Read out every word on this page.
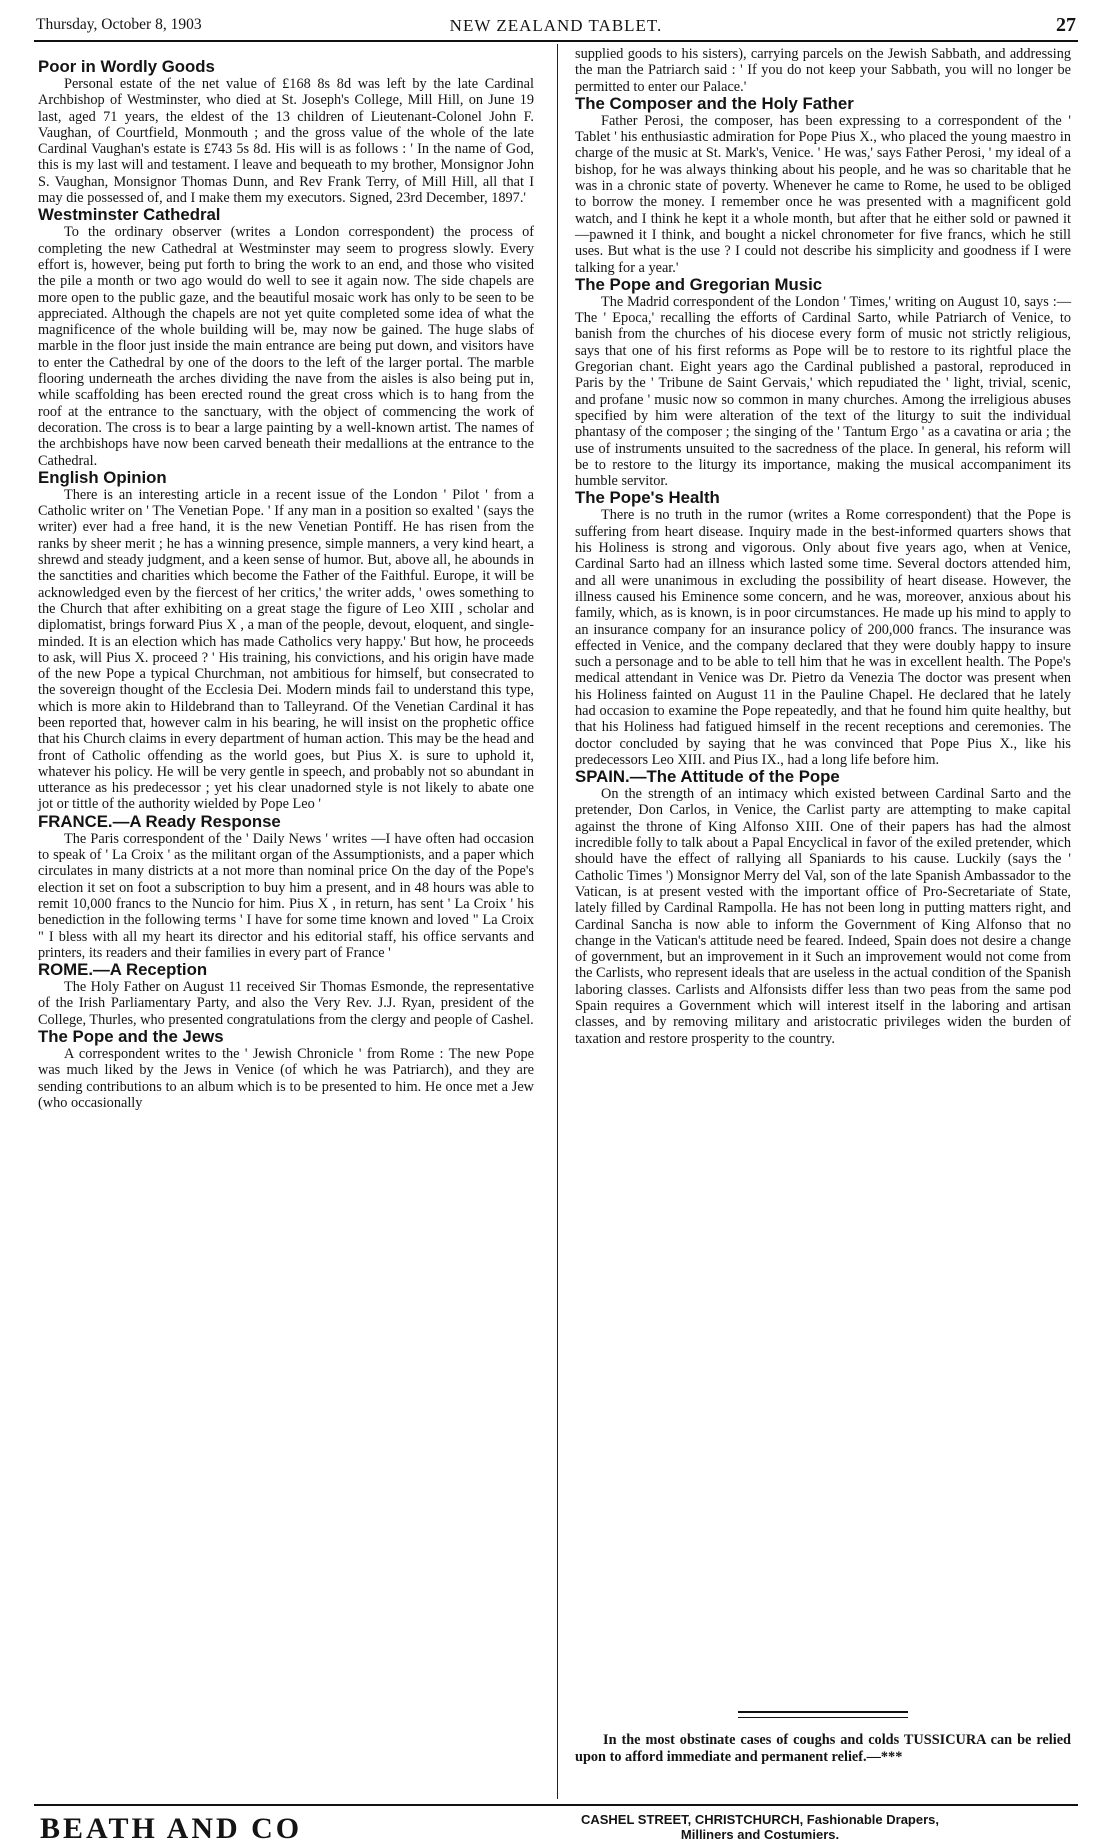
Thursday, October 8, 1903	NEW ZEALAND TABLET.	27
Poor in Wordly Goods

Personal estate of the net value of £168 8s 8d was left by the late Cardinal Archbishop of Westminster, who died at St. Joseph's College, Mill Hill, on June 19 last, aged 71 years, the eldest of the 13 children of Lieutenant-Colonel John F. Vaughan, of Courtfield, Monmouth ; and the gross value of the whole of the late Cardinal Vaughan's estate is £743 5s 8d. His will is as follows : ' In the name of God, this is my last will and testament. I leave and bequeath to my brother, Monsignor John S. Vaughan, Monsignor Thomas Dunn, and Rev Frank Terry, of Mill Hill, all that I may die possessed of, and I make them my executors. Signed, 23rd December, 1897.'

Westminster Cathedral

To the ordinary observer (writes a London correspondent) the process of completing the new Cathedral at Westminster may seem to progress slowly. Every effort is, however, being put forth to bring the work to an end, and those who visited the pile a month or two ago would do well to see it again now. The side chapels are more open to the public gaze, and the beautiful mosaic work has only to be seen to be appreciated. Although the chapels are not yet quite completed some idea of what the magnificence of the whole building will be, may now be gained. The huge slabs of marble in the floor just inside the main entrance are being put down, and visitors have to enter the Cathedral by one of the doors to the left of the larger portal. The marble flooring underneath the arches dividing the nave from the aisles is also being put in, while scaffolding has been erected round the great cross which is to hang from the roof at the entrance to the sanctuary, with the object of commencing the work of decoration. The cross is to bear a large painting by a well-known artist. The names of the archbishops have now been carved beneath their medallions at the entrance to the Cathedral.

English Opinion

There is an interesting article in a recent issue of the London ' Pilot ' from a Catholic writer on ' The Venetian Pope. ' If any man in a position so exalted ' (says the writer) ever had a free hand, it is the new Venetian Pontiff. He has risen from the ranks by sheer merit ; he has a winning presence, simple manners, a very kind heart, a shrewd and steady judgment, and a keen sense of humor. But, above all, he abounds in the sanctities and charities which become the Father of the Faithful. Europe, it will be acknowledged even by the fiercest of her critics,' the writer adds, ' owes something to the Church that after exhibiting on a great stage the figure of Leo XIII , scholar and diplomatist, brings forward Pius X , a man of the people, devout, eloquent, and single-minded. It is an election which has made Catholics very happy.' But how, he proceeds to ask, will Pius X. proceed ? ' His training, his convictions, and his origin have made of the new Pope a typical Churchman, not ambitious for himself, but consecrated to the sovereign thought of the Ecclesia Dei. Modern minds fail to understand this type, which is more akin to Hildebrand than to Talleyrand. Of the Venetian Cardinal it has been reported that, however calm in his bearing, he will insist on the prophetic office that his Church claims in every department of human action. This may be the head and front of Catholic offending as the world goes, but Pius X. is sure to uphold it, whatever his policy. He will be very gentle in speech, and probably not so abundant in utterance as his predecessor ; yet his clear unadorned style is not likely to abate one jot or tittle of the authority wielded by Pope Leo '

FRANCE.—A Ready Response

The Paris correspondent of the ' Daily News ' writes —I have often had occasion to speak of ' La Croix ' as the militant organ of the Assumptionists, and a paper which circulates in many districts at a not more than nominal price On the day of the Pope's election it set on foot a subscription to buy him a present, and in 48 hours was able to remit 10,000 francs to the Nuncio for him. Pius X , in return, has sent ' La Croix ' his benediction in the following terms ' I have for some time known and loved " La Croix " I bless with all my heart its director and his editorial staff, his office servants and printers, its readers and their families in every part of France '

ROME.—A Reception

The Holy Father on August 11 received Sir Thomas Esmonde, the representative of the Irish Parliamentary Party, and also the Very Rev. J.J. Ryan, president of the College, Thurles, who presented congratulations from the clergy and people of Cashel.

The Pope and the Jews

A correspondent writes to the ' Jewish Chronicle ' from Rome : The new Pope was much liked by the Jews in Venice (of which he was Patriarch), and they are sending contributions to an album which is to be presented to him. He once met a Jew (who occasionally

supplied goods to his sisters), carrying parcels on the Jewish Sabbath, and addressing the man the Patriarch said : ' If you do not keep your Sabbath, you will no longer be permitted to enter our Palace.'

The Composer and the Holy Father

Father Perosi, the composer, has been expressing to a correspondent of the ' Tablet ' his enthusiastic admiration for Pope Pius X., who placed the young maestro in charge of the music at St. Mark's, Venice. ' He was,' says Father Perosi, ' my ideal of a bishop, for he was always thinking about his people, and he was so charitable that he was in a chronic state of poverty. Whenever he came to Rome, he used to be obliged to borrow the money. I remember once he was presented with a magnificent gold watch, and I think he kept it a whole month, but after that he either sold or pawned it—pawned it I think, and bought a nickel chronometer for five francs, which he still uses. But what is the use ? I could not describe his simplicity and goodness if I were talking for a year.'

The Pope and Gregorian Music

The Madrid correspondent of the London ' Times,' writing on August 10, says :—The ' Epoca,' recalling the efforts of Cardinal Sarto, while Patriarch of Venice, to banish from the churches of his diocese every form of music not strictly religious, says that one of his first reforms as Pope will be to restore to its rightful place the Gregorian chant. Eight years ago the Cardinal published a pastoral, reproduced in Paris by the ' Tribune de Saint Gervais,' which repudiated the ' light, trivial, scenic, and profane ' music now so common in many churches. Among the irreligious abuses specified by him were alteration of the text of the liturgy to suit the individual phantasy of the composer ; the singing of the ' Tantum Ergo ' as a cavatina or aria ; the use of instruments unsuited to the sacredness of the place. In general, his reform will be to restore to the liturgy its importance, making the musical accompaniment its humble servitor.

The Pope's Health

There is no truth in the rumor (writes a Rome correspondent) that the Pope is suffering from heart disease. Inquiry made in the best-informed quarters shows that his Holiness is strong and vigorous. Only about five years ago, when at Venice, Cardinal Sarto had an illness which lasted some time. Several doctors attended him, and all were unanimous in excluding the possibility of heart disease. However, the illness caused his Eminence some concern, and he was, moreover, anxious about his family, which, as is known, is in poor circumstances. He made up his mind to apply to an insurance company for an insurance policy of 200,000 francs. The insurance was effected in Venice, and the company declared that they were doubly happy to insure such a personage and to be able to tell him that he was in excellent health. The Pope's medical attendant in Venice was Dr. Pietro da Venezia The doctor was present when his Holiness fainted on August 11 in the Pauline Chapel. He declared that he lately had occasion to examine the Pope repeatedly, and that he found him quite healthy, but that his Holiness had fatigued himself in the recent receptions and ceremonies. The doctor concluded by saying that he was convinced that Pope Pius X., like his predecessors Leo XIII. and Pius IX., had a long life before him.

SPAIN.—The Attitude of the Pope

On the strength of an intimacy which existed between Cardinal Sarto and the pretender, Don Carlos, in Venice, the Carlist party are attempting to make capital against the throne of King Alfonso XIII. One of their papers has had the almost incredible folly to talk about a Papal Encyclical in favor of the exiled pretender, which should have the effect of rallying all Spaniards to his cause. Luckily (says the ' Catholic Times ') Monsignor Merry del Val, son of the late Spanish Ambassador to the Vatican, is at present vested with the important office of Pro-Secretariate of State, lately filled by Cardinal Rampolla. He has not been long in putting matters right, and Cardinal Sancha is now able to inform the Government of King Alfonso that no change in the Vatican's attitude need be feared. Indeed, Spain does not desire a change of government, but an improvement in it Such an improvement would not come from the Carlists, who represent ideals that are useless in the actual condition of the Spanish laboring classes. Carlists and Alfonsists differ less than two peas from the same pod Spain requires a Government which will interest itself in the laboring and artisan classes, and by removing military and aristocratic privileges widen the burden of taxation and restore prosperity to the country.

In the most obstinate cases of coughs and colds TUSSICURA can be relied upon to afford immediate and permanent relief.—***
BEATH AND CO	CASHEL STREET, CHRISTCHURCH, Fashionable Drapers,
Milliners and Costumiers.
